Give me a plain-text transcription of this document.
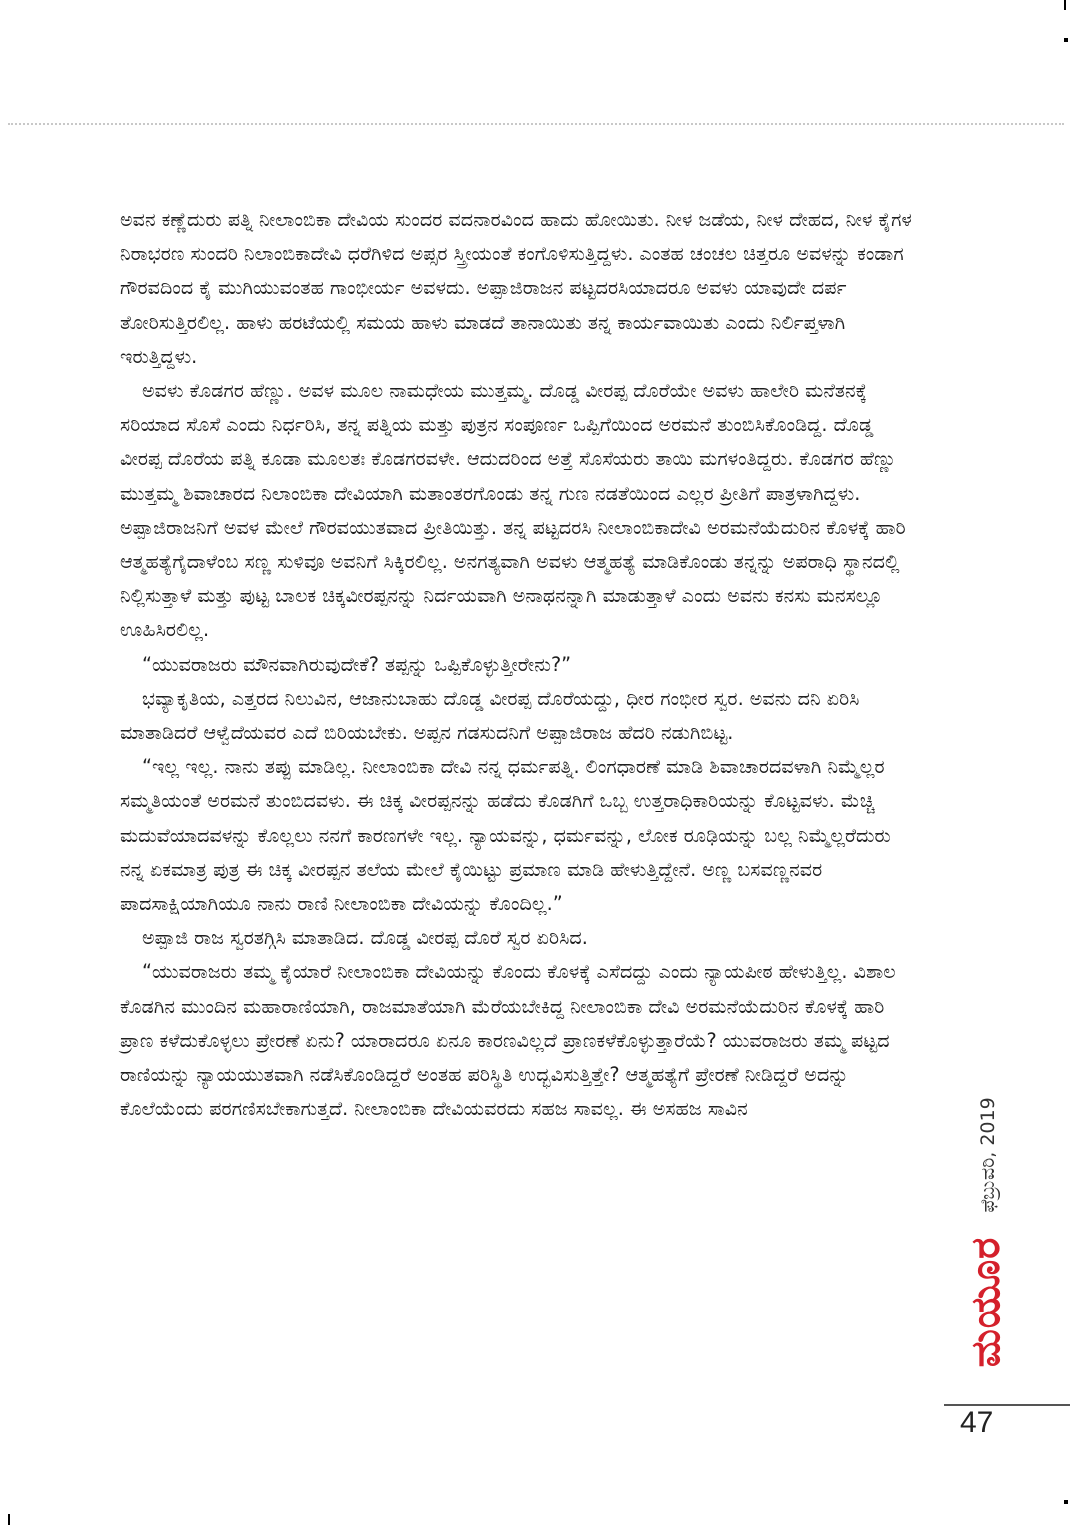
ಅವನ ಕಣ್ಣೆದುರು ಪತ್ನಿ ನೀಲಾಂಬಿಕಾ ದೇವಿಯ ಸುಂದರ ವದನಾರವಿಂದ ಹಾದು ಹೋಯಿತು. ನೀಳ ಜಡೆಯ, ನೀಳ ದೇಹದ, ನೀಳ ಕೈಗಳ ನಿರಾಭರಣ ಸುಂದರಿ ನಿಲಾಂಬಿಕಾದೇವಿ ಧರೆಗಿಳಿದ ಅಪ್ಸರ ಸ್ತ್ರೀಯಂತೆ ಕಂಗೊಳಿಸುತ್ತಿದ್ದಳು. ಎಂತಹ ಚಂಚಲ ಚಿತ್ತರೂ ಅವಳನ್ನು ಕಂಡಾಗ ಗೌರವದಿಂದ ಕೈ ಮುಗಿಯುವಂತಹ ಗಾಂಭೀರ್ಯ ಅವಳದು. ಅಪ್ಪಾಜಿರಾಜನ ಪಟ್ಟದರಸಿಯಾದರೂ ಅವಳು ಯಾವುದೇ ದರ್ಪ ತೋರಿಸುತ್ತಿರಲಿಲ್ಲ. ಹಾಳು ಹರಟೆಯಲ್ಲಿ ಸಮಯ ಹಾಳು ಮಾಡದೆ ತಾನಾಯಿತು ತನ್ನ ಕಾರ್ಯವಾಯಿತು ಎಂದು ನಿರ್ಲಿಪ್ತಳಾಗಿ ಇರುತ್ತಿದ್ದಳು.

ಅವಳು ಕೊಡಗರ ಹೆಣ್ಣು. ಅವಳ ಮೂಲ ನಾಮಧೇಯ ಮುತ್ತಮ್ಮ. ದೊಡ್ಡ ವೀರಪ್ಪ ದೊರೆಯೇ ಅವಳು ಹಾಲೇರಿ ಮನೆತನಕ್ಕೆ ಸರಿಯಾದ ಸೊಸೆ ಎಂದು ನಿರ್ಧರಿಸಿ, ತನ್ನ ಪತ್ನಿಯ ಮತ್ತು ಪುತ್ರನ ಸಂಪೂರ್ಣ ಒಪ್ಪಿಗೆಯಿಂದ ಅರಮನೆ ತುಂಬಿಸಿಕೊಂಡಿದ್ದ. ದೊಡ್ಡ ವೀರಪ್ಪ ದೊರೆಯ ಪತ್ನಿ ಕೂಡಾ ಮೂಲತಃ ಕೊಡಗರವಳೇ. ಆದುದರಿಂದ ಅತ್ತೆ ಸೊಸೆಯರು ತಾಯಿ ಮಗಳಂತಿದ್ದರು. ಕೊಡಗರ ಹೆಣ್ಣು ಮುತ್ತಮ್ಮ ಶಿವಾಚಾರದ ನಿಲಾಂಬಿಕಾ ದೇವಿಯಾಗಿ ಮತಾಂತರಗೊಂಡು ತನ್ನ ಗುಣ ನಡತೆಯಿಂದ ಎಲ್ಲರ ಪ್ರೀತಿಗೆ ಪಾತ್ರಳಾಗಿದ್ದಳು. ಅಪ್ಪಾಜಿರಾಜನಿಗೆ ಅವಳ ಮೇಲೆ ಗೌರವಯುತವಾದ ಪ್ರೀತಿಯಿತ್ತು. ತನ್ನ ಪಟ್ಟದರಸಿ ನೀಲಾಂಬಿಕಾದೇವಿ ಅರಮನೆಯೆದುರಿನ ಕೊಳಕ್ಕೆ ಹಾರಿ ಆತ್ಮಹತ್ಯೆಗೈದಾಳೆಂಬ ಸಣ್ಣ ಸುಳಿವೂ ಅವನಿಗೆ ಸಿಕ್ಕಿರಲಿಲ್ಲ. ಅನಗತ್ಯವಾಗಿ ಅವಳು ಆತ್ಮಹತ್ಯೆ ಮಾಡಿಕೊಂಡು ತನ್ನನ್ನು ಅಪರಾಧಿ ಸ್ಥಾನದಲ್ಲಿ ನಿಲ್ಲಿಸುತ್ತಾಳೆ ಮತ್ತು ಪುಟ್ಟ ಬಾಲಕ ಚಿಕ್ಕವೀರಪ್ಪನನ್ನು ನಿರ್ದಯವಾಗಿ ಅನಾಥನನ್ನಾಗಿ ಮಾಡುತ್ತಾಳೆ ಎಂದು ಅವನು ಕನಸು ಮನಸಲ್ಲೂ ಊಹಿಸಿರಲಿಲ್ಲ.

“ಯುವರಾಜರು ಮೌನವಾಗಿರುವುದೇಕೆ? ತಪ್ಪನ್ನು ಒಪ್ಪಿಕೊಳ್ಳುತ್ತೀರೇನು?”

ಭವ್ಯಾಕೃತಿಯ, ಎತ್ತರದ ನಿಲುವಿನ, ಆಜಾನುಬಾಹು ದೊಡ್ಡ ವೀರಪ್ಪ ದೊರೆಯದ್ದು, ಧೀರ ಗಂಭೀರ ಸ್ವರ. ಅವನು ದನಿ ಏರಿಸಿ ಮಾತಾಡಿದರೆ ಆಳ್ವೆದೆಯವರ ಎದೆ ಬಿರಿಯಬೇಕು. ಅಪ್ಪನ ಗಡಸುದನಿಗೆ ಅಪ್ಪಾಜಿರಾಜ ಹೆದರಿ ನಡುಗಿಬಿಟ್ಟ.

“ಇಲ್ಲ ಇಲ್ಲ. ನಾನು ತಪ್ಪು ಮಾಡಿಲ್ಲ. ನೀಲಾಂಬಿಕಾ ದೇವಿ ನನ್ನ ಧರ್ಮಪತ್ನಿ. ಲಿಂಗಧಾರಣೆ ಮಾಡಿ ಶಿವಾಚಾರದವಳಾಗಿ ನಿಮ್ಮೆಲ್ಲರ ಸಮ್ಮತಿಯಂತೆ ಅರಮನೆ ತುಂಬಿದವಳು. ಈ ಚಿಕ್ಕ ವೀರಪ್ಪನನ್ನು ಹಡೆದು ಕೊಡಗಿಗೆ ಒಬ್ಬ ಉತ್ತರಾಧಿಕಾರಿಯನ್ನು ಕೊಟ್ಟವಳು. ಮೆಚ್ಚಿ ಮದುವೆಯಾದವಳನ್ನು ಕೊಲ್ಲಲು ನನಗೆ ಕಾರಣಗಳೇ ಇಲ್ಲ. ನ್ಯಾಯವನ್ನು, ಧರ್ಮವನ್ನು, ಲೋಕ ರೂಢಿಯನ್ನು ಬಲ್ಲ ನಿಮ್ಮೆಲ್ಲರೆದುರು ನನ್ನ ಏಕಮಾತ್ರ ಪುತ್ರ ಈ ಚಿಕ್ಕ ವೀರಪ್ಪನ ತಲೆಯ ಮೇಲೆ ಕೈಯಿಟ್ಟು ಪ್ರಮಾಣ ಮಾಡಿ ಹೇಳುತ್ತಿದ್ದೇನೆ. ಅಣ್ಣ ಬಸವಣ್ಣನವರ ಪಾದಸಾಕ್ಷಿಯಾಗಿಯೂ ನಾನು ರಾಣಿ ನೀಲಾಂಬಿಕಾ ದೇವಿಯನ್ನು ಕೊಂದಿಲ್ಲ.”

ಅಪ್ಪಾಜಿ ರಾಜ ಸ್ವರತಗ್ಗಿಸಿ ಮಾತಾಡಿದ. ದೊಡ್ಡ ವೀರಪ್ಪ ದೊರೆ ಸ್ವರ ಏರಿಸಿದ.

“ಯುವರಾಜರು ತಮ್ಮ ಕೈಯಾರೆ ನೀಲಾಂಬಿಕಾ ದೇವಿಯನ್ನು ಕೊಂದು ಕೊಳಕ್ಕೆ ಎಸೆದದ್ದು ಎಂದು ನ್ಯಾಯಪೀಠ ಹೇಳುತ್ತಿಲ್ಲ. ವಿಶಾಲ ಕೊಡಗಿನ ಮುಂದಿನ ಮಹಾರಾಣಿಯಾಗಿ, ರಾಜಮಾತೆಯಾಗಿ ಮೆರೆಯಬೇಕಿದ್ದ ನೀಲಾಂಬಿಕಾ ದೇವಿ ಅರಮನೆಯೆದುರಿನ ಕೊಳಕ್ಕೆ ಹಾರಿ ಪ್ರಾಣ ಕಳೆದುಕೊಳ್ಳಲು ಪ್ರೇರಣೆ ಏನು? ಯಾರಾದರೂ ಏನೂ ಕಾರಣವಿಲ್ಲದೆ ಪ್ರಾಣಕಳೆಕೊಳ್ಳುತ್ತಾರೆಯೆ? ಯುವರಾಜರು ತಮ್ಮ ಪಟ್ಟದ ರಾಣಿಯನ್ನು ನ್ಯಾಯಯುತವಾಗಿ ನಡೆಸಿಕೊಂಡಿದ್ದರೆ ಅಂತಹ ಪರಿಸ್ಥಿತಿ ಉದ್ಭವಿಸುತ್ತಿತ್ತೇ? ಆತ್ಮಹತ್ಯೆಗೆ ಪ್ರೇರಣೆ ನೀಡಿದ್ದರೆ ಅದನ್ನು ಕೊಲೆಯೆಂದು ಪರಗಣಿಸಬೇಕಾಗುತ್ತದೆ. ನೀಲಾಂಬಿಕಾ ದೇವಿಯವರದು ಸಹಜ ಸಾವಲ್ಲ. ಈ ಅಸಹಜ ಸಾವಿನ	ಫೆಬ್ರುವರಿ, 2019
ಮಯೂರ
47
